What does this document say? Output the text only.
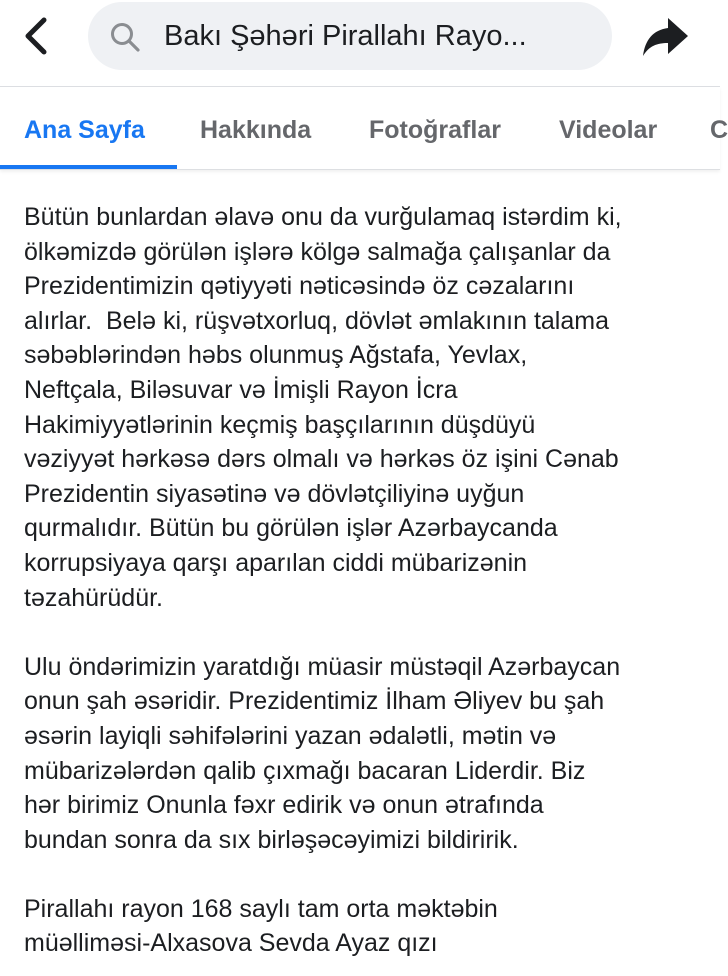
Bakı Şəhəri Pirallahı Rayo...
Ana Sayfa Hakkında Fotoğraflar Videolar C

Bütün bunlardan əlavə onu da vurğulamaq istərdim ki,
ölkəmizdə görülən işlərə kölgə salmağa çalışanlar da
Prezidentimizin qətiyyəti nəticəsində öz cəzalarını
alırlar.  Belə ki, rüşvətxorluq, dövlət əmlakının talama
səbəblərindən həbs olunmuş Ağstafa, Yevlax,
Neftçala, Biləsuvar və İmişli Rayon İcra
Hakimiyyətlərinin keçmiş başçılarının düşdüyü
vəziyyət hərkəsə dərs olmalı və hərkəs öz işini Cənab
Prezidentin siyasətinə və dövlətçiliyinə uyğun
qurmalıdır. Bütün bu görülən işlər Azərbaycanda
korrupsiyaya qarşı aparılan ciddi mübarizənin
təzahürüdür.

Ulu öndərimizin yaratdığı müasir müstəqil Azərbaycan
onun şah əsəridir. Prezidentimiz İlham Əliyev bu şah
əsərin layiqli səhifələrini yazan ədalətli, mətin və
mübarizələrdən qalib çıxmağı bacaran Liderdir. Biz
hər birimiz Onunla fəxr edirik və onun ətrafında
bundan sonra da sıx birləşəcəyimizi bildiririk.

Pirallahı rayon 168 saylı tam orta məktəbin
müəlliməsi-Alxasova Sevda Ayaz qızı
